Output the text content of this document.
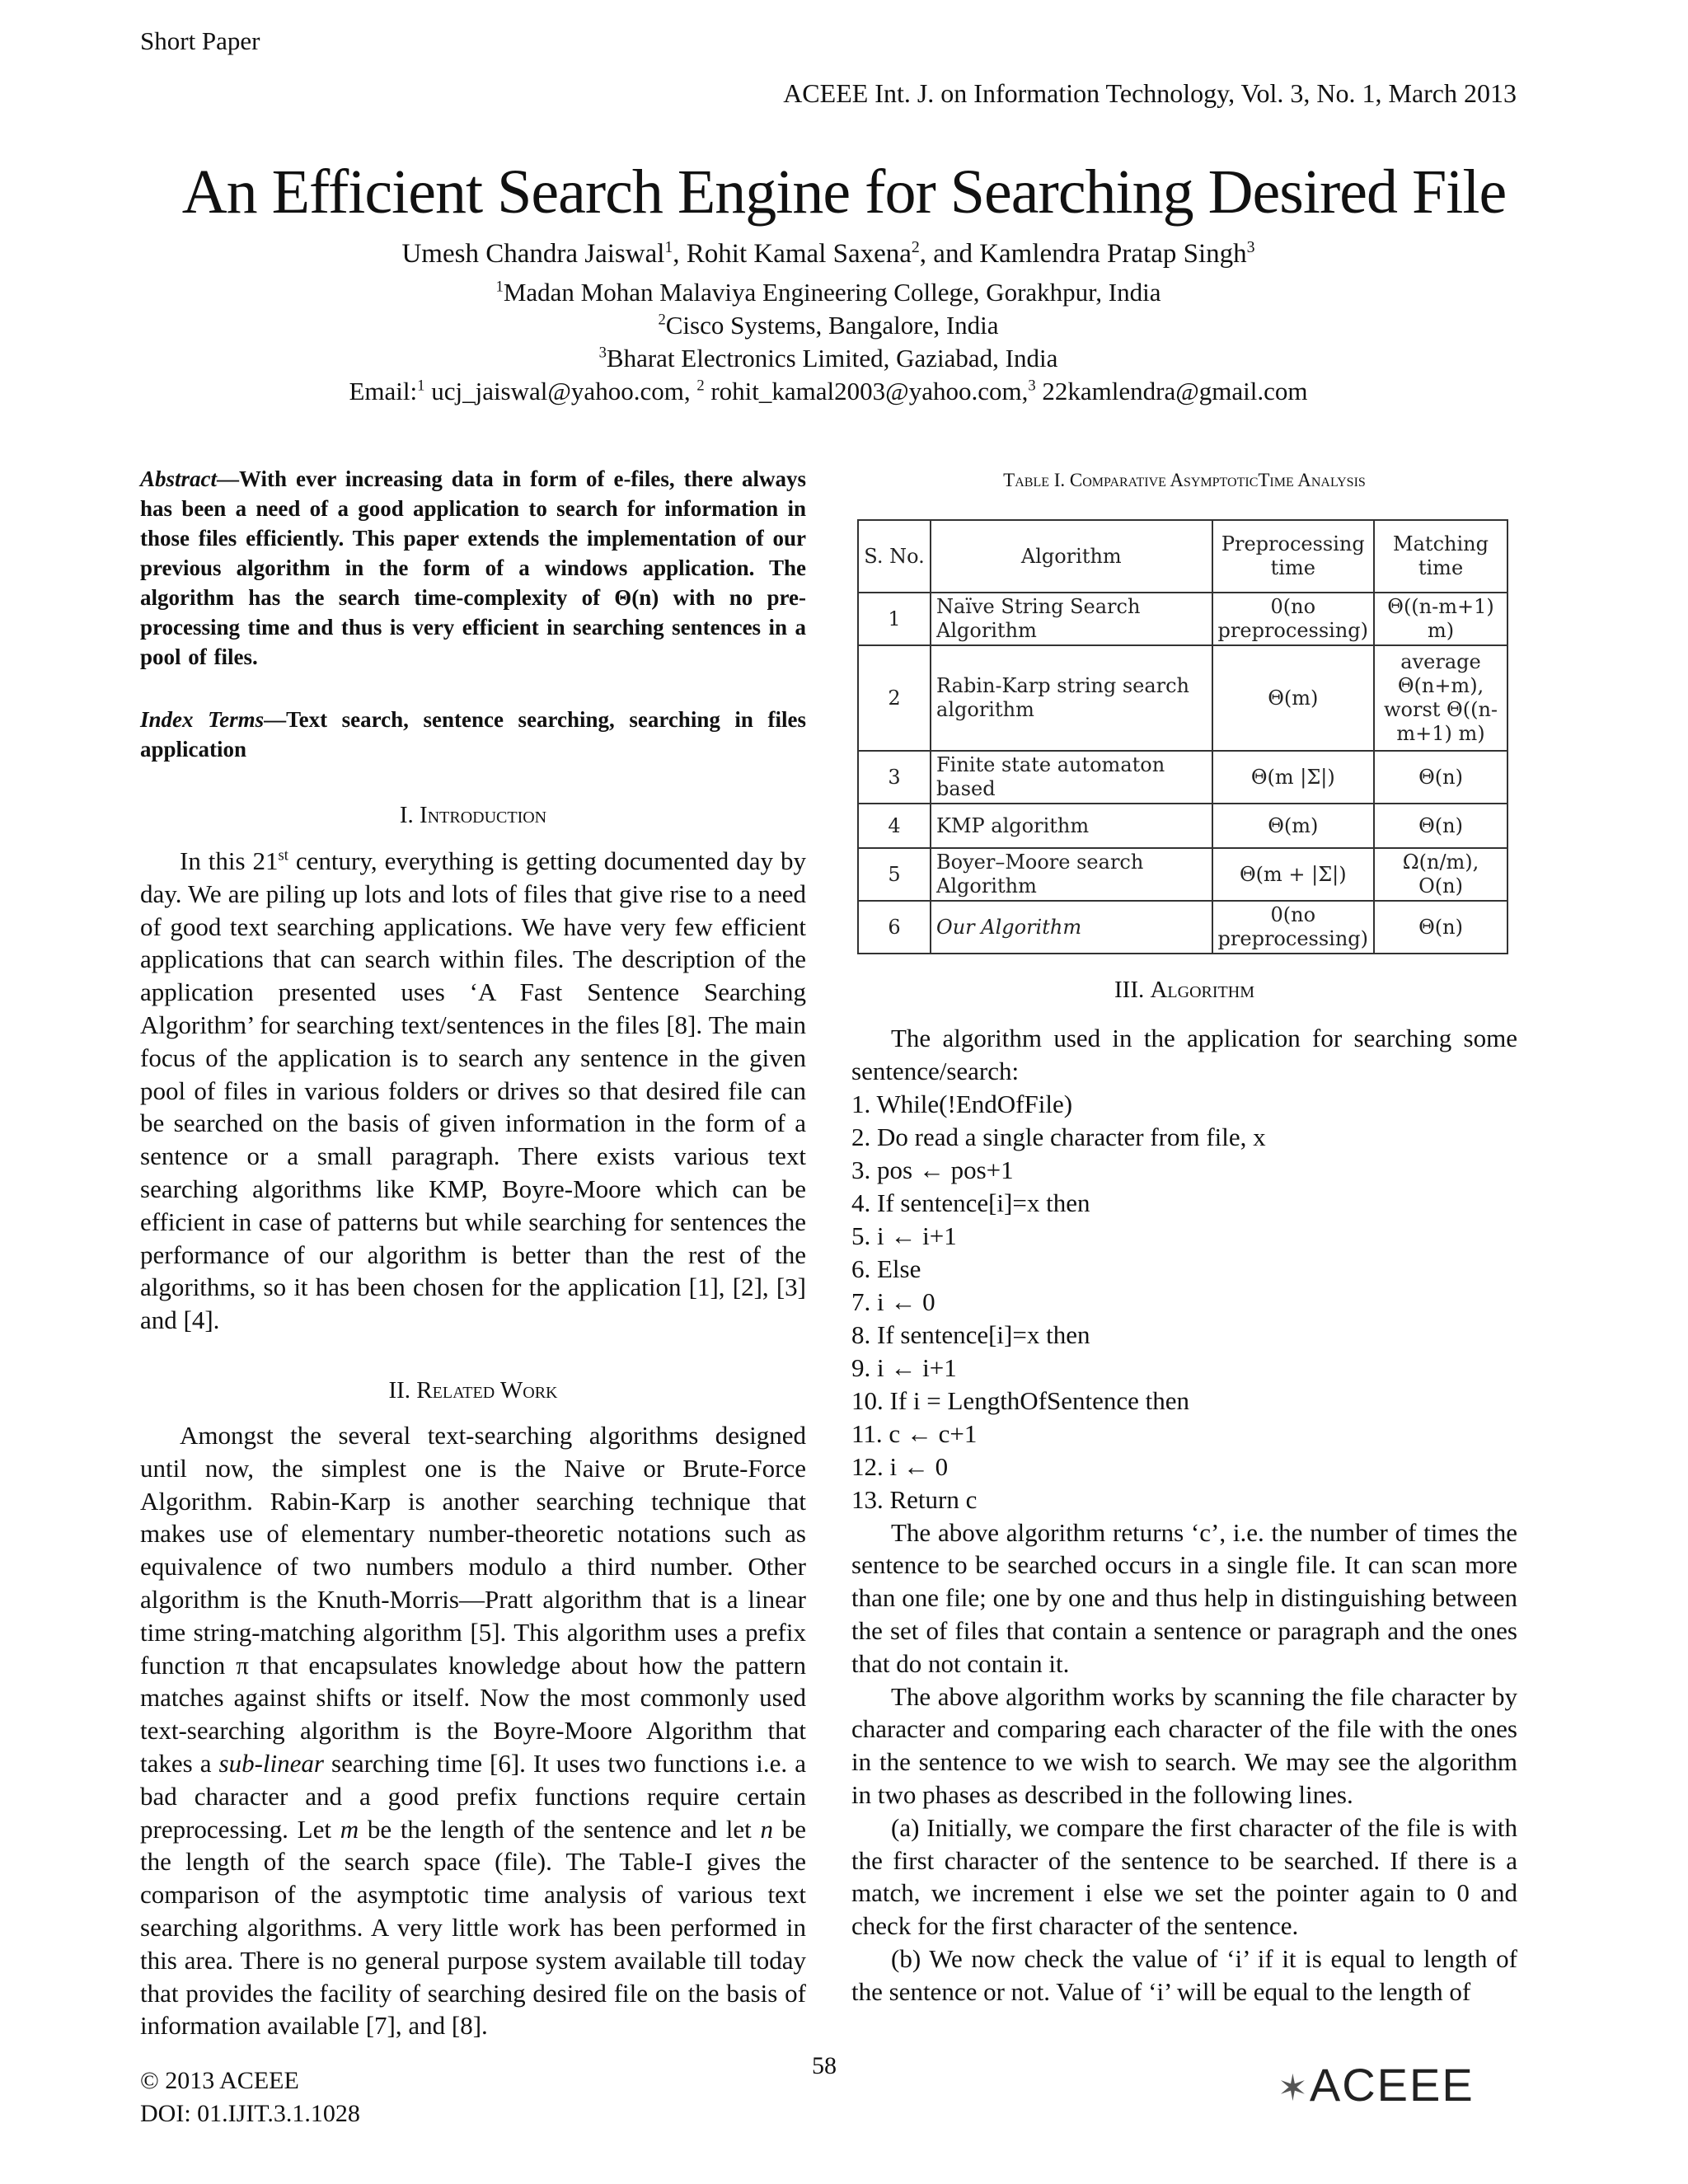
Short Paper
ACEEE Int. J. on Information Technology, Vol. 3, No. 1, March 2013
An Efficient Search Engine for Searching Desired File
Umesh Chandra Jaiswal$^1$, Rohit Kamal Saxena$^2$, and Kamlendra Pratap Singh$^3$
$^1$Madan Mohan Malaviya Engineering College, Gorakhpur, India
$^2$Cisco Systems, Bangalore, India
$^3$Bharat Electronics Limited, Gaziabad, India
Email:$^1$ ucj_jaiswal@yahoo.com, $^2$ rohit_kamal2003@yahoo.com,$^3$ 22kamlendra@gmail.com
Abstract—With ever increasing data in form of e-files, there always has been a need of a good application to search for information in those files efficiently. This paper extends the implementation of our previous algorithm in the form of a windows application. The algorithm has the search time-complexity of Θ(n) with no pre-processing time and thus is very efficient in searching sentences in a pool of files.
Index Terms—Text search, sentence searching, searching in files application
I. Introduction

In this 21st century, everything is getting documented day by day. We are piling up lots and lots of files that give rise to a need of good text searching applications. We have very few efficient applications that can search within files. The description of the application presented uses ‘A Fast Sentence Searching Algorithm’ for searching text/sentences in the files [8]. The main focus of the application is to search any sentence in the given pool of files in various folders or drives so that desired file can be searched on the basis of given information in the form of a sentence or a small paragraph. There exists various text searching algorithms like KMP, Boyre-Moore which can be efficient in case of patterns but while searching for sentences the performance of our algorithm is better than the rest of the algorithms, so it has been chosen for the application [1], [2], [3] and [4].

II. Related Work

Amongst the several text-searching algorithms designed until now, the simplest one is the Naive or Brute-Force Algorithm. Rabin-Karp is another searching technique that makes use of elementary number-theoretic notations such as equivalence of two numbers modulo a third number. Other algorithm is the Knuth-Morris—Pratt algorithm that is a linear time string-matching algorithm [5]. This algorithm uses a prefix function π that encapsulates knowledge about how the pattern matches against shifts or itself. Now the most commonly used text-searching algorithm is the Boyre-Moore Algorithm that takes a sub-linear searching time [6]. It uses two functions i.e. a bad character and a good prefix functions require certain preprocessing. Let m be the length of the sentence and let n be the length of the search space (file). The Table-I gives the comparison of the asymptotic time analysis of various text searching algorithms. A very little work has been performed in this area. There is no general purpose system available till today that provides the facility of searching desired file on the basis of information available [7], and [8].

Table I. Comparative AsymptoticTime Analysis
S. No.	Algorithm	Preprocessing time	Matching time
1	Naïve String Search Algorithm	0(no preprocessing)	Θ((n-m+1) m)
2	Rabin-Karp string search algorithm	Θ(m)	average Θ(n+m), worst Θ((n-m+1) m)
3	Finite state automaton based	Θ(m |Σ|)	Θ(n)
4	KMP algorithm	Θ(m)	Θ(n)
5	Boyer–Moore search Algorithm	Θ(m + |Σ|)	Ω(n/m), O(n)
6	Our Algorithm	0(no preprocessing)	Θ(n)
III. Algorithm

The algorithm used in the application for searching some sentence/search:

1. While(!EndOfFile)
2. Do read a single character from file, x
3. pos ← pos+1
4. If sentence[i]=x then
5. i ← i+1
6. Else
7. i ← 0
8. If sentence[i]=x then
9. i ← i+1
10. If i = LengthOfSentence then
11. c ← c+1
12. i ← 0
13. Return c

The above algorithm returns ‘c’, i.e. the number of times the sentence to be searched occurs in a single file. It can scan more than one file; one by one and thus help in distinguishing between the set of files that contain a sentence or paragraph and the ones that do not contain it.

The above algorithm works by scanning the file character by character and comparing each character of the file with the ones in the sentence to we wish to search. We may see the algorithm in two phases as described in the following lines.

(a) Initially, we compare the first character of the file is with the first character of the sentence to be searched. If there is a match, we increment i else we set the pointer again to 0 and check for the first character of the sentence.

(b) We now check the value of ‘i’ if it is equal to length of the sentence or not. Value of ‘i’ will be equal to the length of

© 2013 ACEEE
DOI: 01.IJIT.3.1.1028
58
✶ACEEE
